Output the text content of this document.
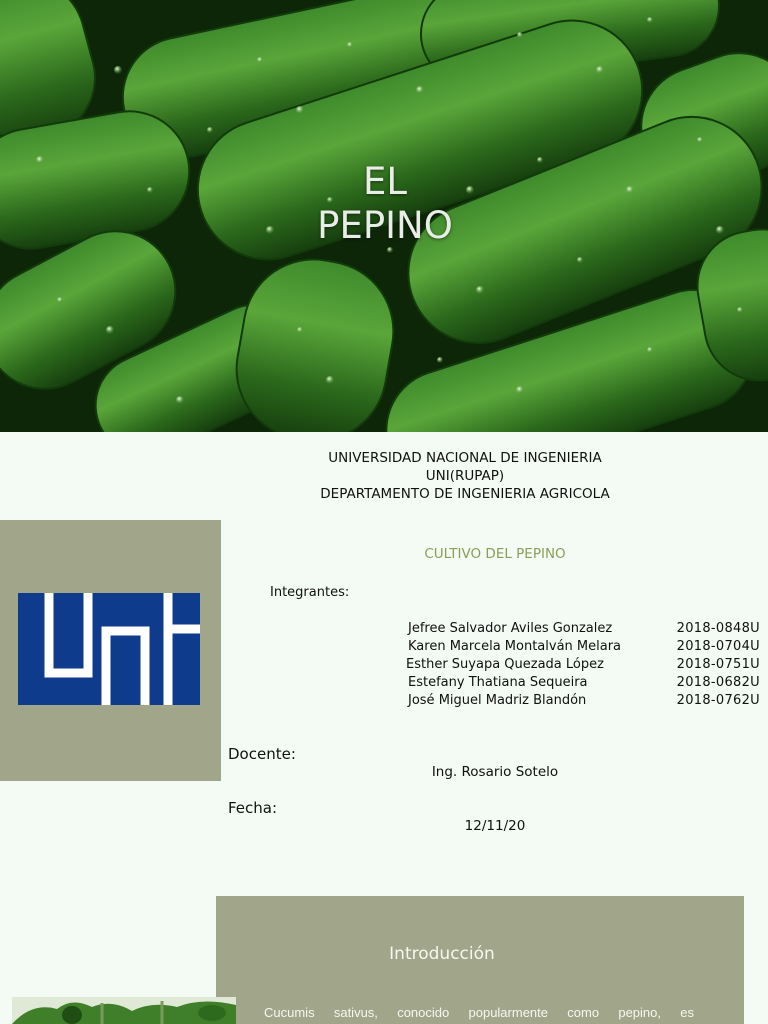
EL
PEPINO
UNIVERSIDAD NACIONAL DE INGENIERIA
UNI(RUPAP)
DEPARTAMENTO DE INGENIERIA AGRICOLA
CULTIVO DEL PEPINO
Integrantes:
Jefree Salvador Aviles Gonzalez	2018-0848U
Karen Marcela Montalván Melara	2018-0704U
Esther Suyapa Quezada López	2018-0751U
Estefany Thatiana Sequeira	2018-0682U
José Miguel Madriz Blandón	2018-0762U
Docente:
Ing. Rosario Sotelo
Fecha:
12/11/20
Introducción
Cucumis sativus, conocido popularmente como pepino, es
